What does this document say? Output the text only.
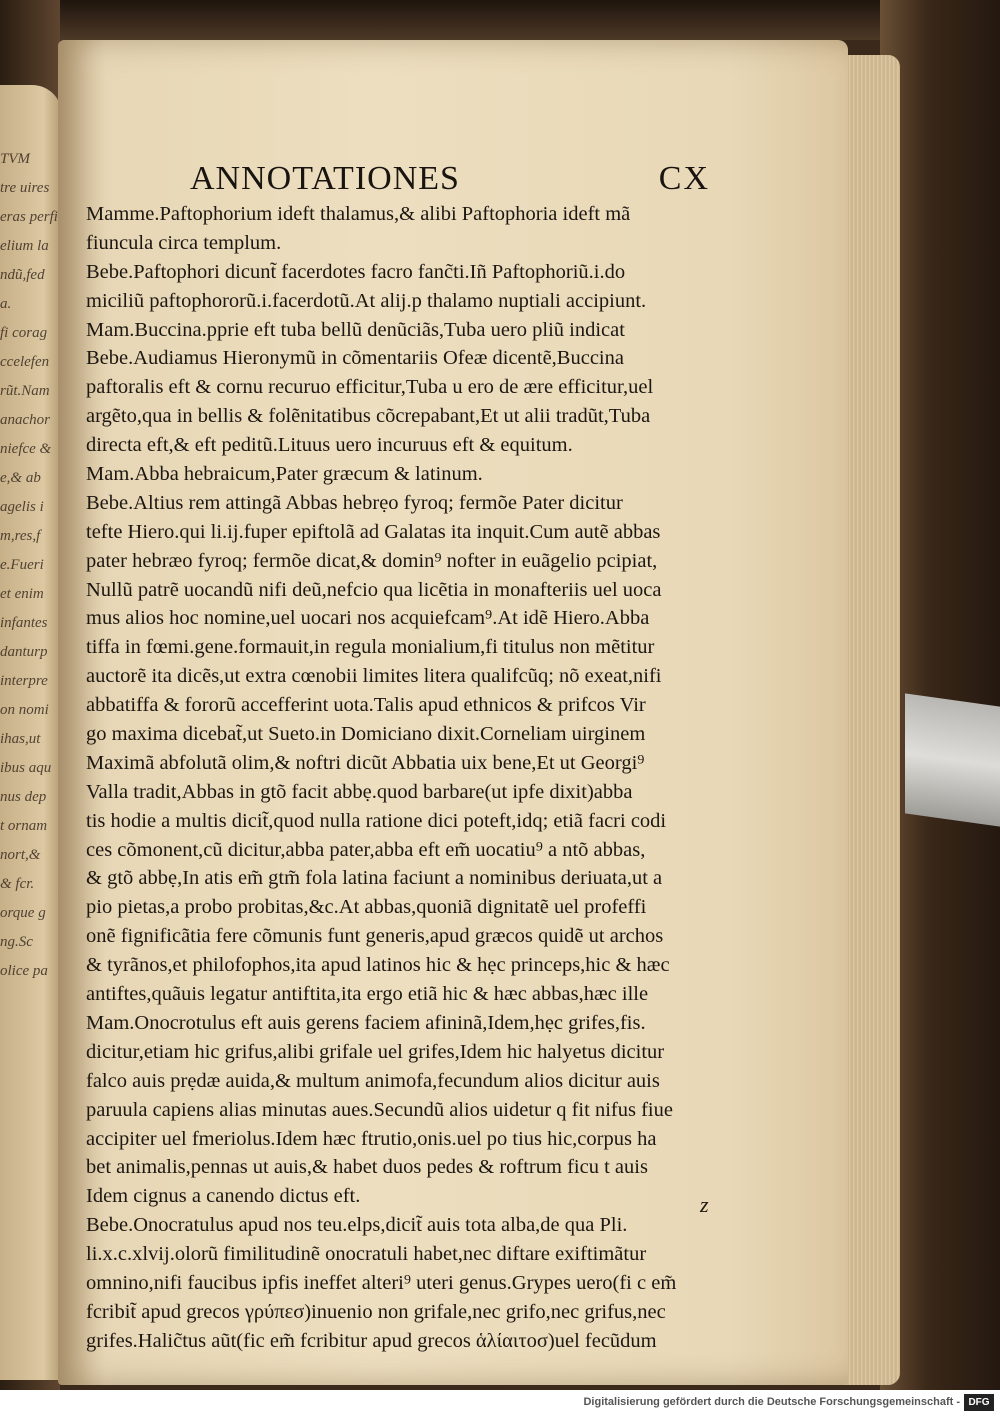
TVM
tre uires
eras perfi
elium la
ndũ,fed
a.
fi corag
ccelefen
rũt.Nam
anachor
niefce &
e,& ab
agelis i
m,res,f
e.Fueri
et enim
infantes
danturp
interpre
on nomi
ihas,ut
ibus aqu
nus dep
t ornam
nort,&
& fcr.
orque g
ng.Sc
olice pa
ANNOTATIONES	CX
Mamme.Paftophorium ideft thalamus,& alibi Paftophoria ideft mã
fiuncula circa templum.
Bebe.Paftophori dicunt̃ facerdotes facro fanc̃ti.Iñ Paftophoriũ.i.do
miciliũ paftophororũ.i.facerdotũ.At alij.p thalamo nuptiali accipiunt.
Mam.Buccina.pprie eft tuba bellũ denũciãs,Tuba uero pliũ indicat
Bebe.Audiamus Hieronymũ in cõmentariis Ofeæ dicentẽ,Buccina
paftoralis eft & cornu recuruo efficitur,Tuba u ero de ære efficitur,uel
argẽto,qua in bellis & folẽnitatibus cõcrepabant,Et ut alii tradũt,Tuba
directa eft,& eft peditũ.Lituus uero incuruus eft & equitum.
Mam.Abba hebraicum,Pater græcum & latinum.
Bebe.Altius rem attingã Abbas hebrẹo fyroq; fermõe Pater dicitur
tefte Hiero.qui li.ij.fuper epiftolã ad Galatas ita inquit.Cum autẽ abbas
pater hebræo fyroq; fermõe dicat,& domin⁹ nofter in euãgelio pcipiat,
Nullũ patrẽ uocandũ nifi deũ,nefcio qua licẽtia in monafteriis uel uoca
mus alios hoc nomine,uel uocari nos acquiefcam⁹.At idẽ Hiero.Abba
tiffa in fœmi.gene.formauit,in regula monialium,fi titulus non mẽtitur
auctorẽ ita dicẽs,ut extra cœnobii limites litera qualifcũq; nõ exeat,nifi
abbatiffa & fororũ accefferint uota.Talis apud ethnicos & prifcos Vir
go maxima dicebat̃,ut Sueto.in Domiciano dixit.Corneliam uirginem
Maximã abfolutã olim,& noftri dicũt Abbatia uix bene,Et ut Georgi⁹
Valla tradit,Abbas in gtõ facit abbẹ.quod barbare(ut ipfe dixit)abba
tis hodie a multis dicit̃,quod nulla ratione dici poteft,idq; etiã facri codi
ces cõmonent,cũ dicitur,abba pater,abba eft em̃ uocatiu⁹ a ntõ abbas,
& gtõ abbẹ,In atis em̃ gtm̃ fola latina faciunt a nominibus deriuata,ut a
pio pietas,a probo probitas,&c.At abbas,quoniã dignitatẽ uel profeffi
onẽ fignificãtia fere cõmunis funt generis,apud græcos quidẽ ut archos
& tyrãnos,et philofophos,ita apud latinos hic & hẹc princeps,hic & hæc
antiftes,quãuis legatur antiftita,ita ergo etiã hic & hæc abbas,hæc ille
Mam.Onocrotulus eft auis gerens faciem afininã,Idem,hẹc grifes,fis.
dicitur,etiam hic grifus,alibi grifale uel grifes,Idem hic halyetus dicitur
falco auis prẹdæ auida,& multum animofa,fecundum alios dicitur auis
paruula capiens alias minutas aues.Secundũ alios uidetur q fit nifus fiue
accipiter uel fmeriolus.Idem hæc ftrutio,onis.uel po tius hic,corpus ha
bet animalis,pennas ut auis,& habet duos pedes & roftrum ficu t auis
Idem cignus a canendo dictus eft.
Bebe.Onocratulus apud nos teu.elps,dicit̃ auis tota alba,de qua Pli.
li.x.c.xlvij.olorũ fimilitudinẽ onocratuli habet,nec diftare exiftimãtur
omnino,nifi faucibus ipfis ineffet alteri⁹ uteri genus.Grypes uero(fi c em̃
fcribit̃ apud grecos γρύπεσ)inuenio non grifale,nec grifo,nec grifus,nec
grifes.Halic̃tus aũt(fic em̃ fcribitur apud grecos ἁλίαιτοσ)uel fecũdum
z
Digitalisierung gefördert durch die Deutsche Forschungsgemeinschaft - DFG
